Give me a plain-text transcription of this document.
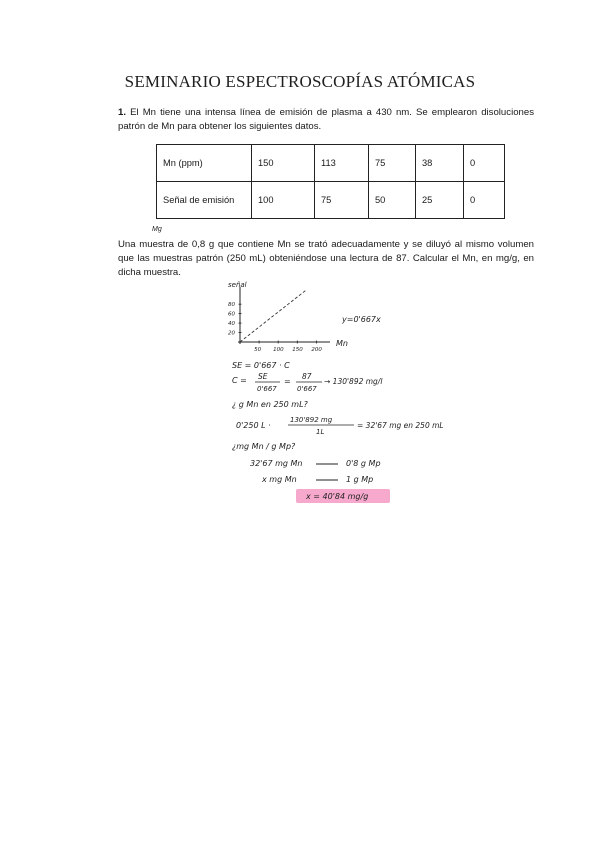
SEMINARIO ESPECTROSCOPÍAS ATÓMICAS
1. El Mn tiene una intensa línea de emisión de plasma a 430 nm. Se emplearon disoluciones patrón de Mn para obtener los siguientes datos.
Mn (ppm)	150	113	75	38	0
Señal de emisión	100	75	50	25	0
Mg
Una muestra de 0,8 g que contiene Mn se trató adecuadamente y se diluyó al mismo volumen que las muestras patrón (250 mL) obteniéndose una lectura de 87. Calcular el Mn, en mg/g, en dicha muestra.
50 100 150 200
20
40
60
80
señal
Mn
y=0'667x
SE = 0'667 · C
C = SE
0'667
=
87
0'667
→ 130'892 mg/l
¿ g Mn en 250 mL?
0'250 L ·
130'892 mg
1L
= 32'67 mg en 250 mL
¿mg Mn / g Mp?
32'67 mg Mn	0'8 g Mp
x mg Mn	1 g Mp
x = 40'84 mg/g
